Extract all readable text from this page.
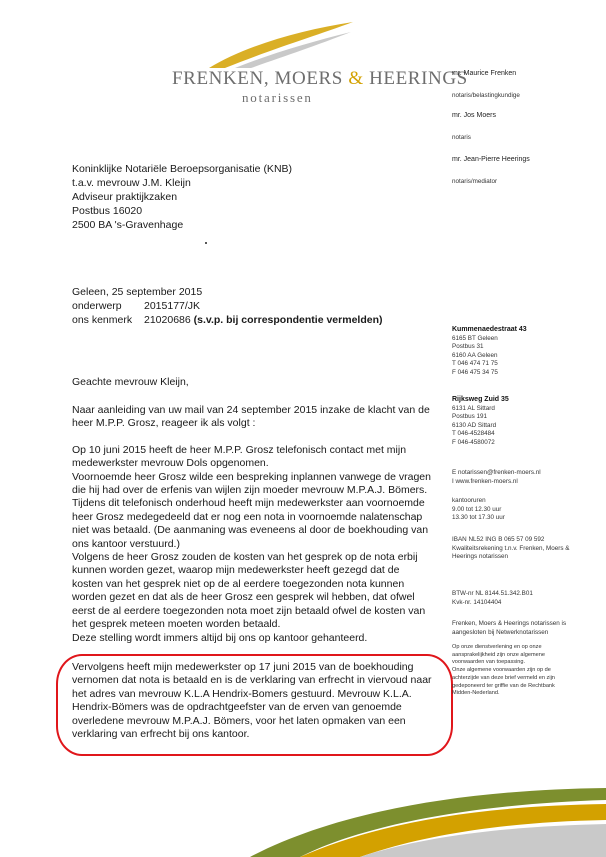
FRENKEN, MOERS & HEERINGS
notarissen
mr. Maurice Frenken
notaris/belastingkundige
mr. Jos Moers
notaris
mr. Jean-Pierre Heerings
notaris/mediator
Koninklijke Notariële Beroepsorganisatie (KNB)
t.a.v. mevrouw J.M. Kleijn
Adviseur praktijkzaken
Postbus 16020
2500 BA 's-Gravenhage
Geleen, 25 september 2015
onderwerp	2015177/JK
ons kenmerk	21020686
(s.v.p. bij correspondentie vermelden)
Geachte mevrouw Kleijn,

Naar aanleiding van uw mail van 24 september 2015 inzake de klacht van de heer M.P.P. Grosz, reageer ik als volgt :

Op 10 juni 2015 heeft de heer M.P.P. Grosz telefonisch contact met mijn medewerkster mevrouw Dols opgenomen.

Voornoemde heer Grosz wilde een bespreking inplannen vanwege de vragen die hij had over de erfenis van wijlen zijn moeder mevrouw M.P.A.J. Bömers.

Tijdens dit telefonisch onderhoud heeft mijn medewerkster aan voornoemde heer Grosz medegedeeld dat er nog een nota in voornoemde nalatenschap niet was betaald. (De aanmaning was eveneens al door de boekhouding van ons kantoor verstuurd.)

Volgens de heer Grosz zouden de kosten van het gesprek op de nota erbij kunnen worden gezet, waarop mijn medewerkster heeft gezegd dat de kosten van het gesprek niet op de al eerdere toegezonden nota kunnen worden gezet en dat als de heer Grosz een gesprek wil hebben, dat ofwel eerst de al eerdere toegezonden nota moet zijn betaald ofwel de kosten van het gesprek meteen moeten worden betaald.

Deze stelling wordt immers altijd bij ons op kantoor gehanteerd.

Vervolgens heeft mijn medewerkster op 17 juni 2015 van de boekhouding vernomen dat nota is betaald en is de verklaring van erfrecht in viervoud naar het adres van mevrouw K.L.A Hendrix-Bomers gestuurd. Mevrouw K.L.A. Hendrix-Bömers was de opdrachtgeefster van de erven van genoemde overledene mevrouw M.P.A.J. Bömers, voor het laten opmaken van een verklaring van erfrecht bij ons kantoor.
Kummenaedestraat 43
6165 BT Geleen
Postbus 31
6160 AA Geleen
T 046 474 71 75
F 046 475 34 75
Rijksweg Zuid 35
6131 AL Sittard
Postbus 191
6130 AD Sittard
T 046-4528484
F 046-4580072
E notarissen@frenken-moers.nl
I www.frenken-moers.nl
kantooruren
9.00 tot 12.30 uur
13.30 tot 17.30 uur
IBAN NL52 ING B 065 57 09 592
Kwaliteitsrekening t.n.v. Frenken, Moers &
Heerings notarissen
BTW-nr NL 8144.51.342.B01
Kvk-nr. 14104404
Frenken, Moers & Heerings notarissen is
aangesloten bij Netwerknotarissen
Op onze dienstverlening en op onze
aansprakelijkheid zijn onze algemene
voorwaarden van toepassing.
Onze algemene voorwaarden zijn op de
achterzijde van deze brief vermeld en zijn
gedeponeerd ter griffie van de Rechtbank
Midden-Nederland.
